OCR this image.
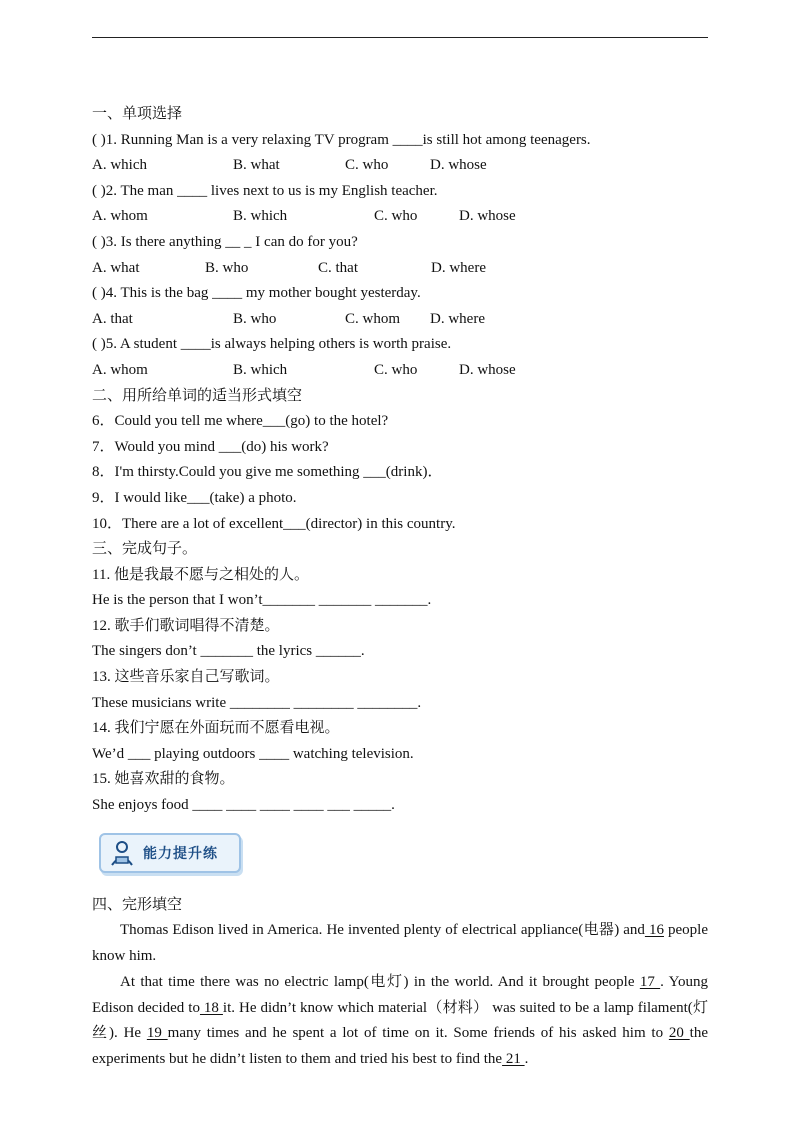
一、单项选择
( )1. Running Man is a very relaxing TV program ____is still hot among teenagers.
A. which	B. what	C. who	D. whose
( )2. The man ____ lives next to us is my English teacher.
A. whom	B. which	C. who	D. whose
( )3. Is there anything __ _ I can do for you?
A. what	B. who	C. that	D. where
( )4. This is the bag ____ my mother bought yesterday.
A. that	B. who	C. whom	D. where
( )5. A student ____is always helping others is worth praise.
A. whom	B. which	C. who	D. whose
二、用所给单词的适当形式填空
6．Could you tell me where___(go) to the hotel?
7．Would you mind ___(do) his work?
8．I'm thirsty.Could you give me something ___(drink)．
9．I would like___(take) a photo.
10．There are a lot of excellent___(director) in this country.
三、完成句子。
11. 他是我最不愿与之相处的人。
He is the person that I won’t_______ _______ _______.
12. 歌手们歌词唱得不清楚。
The singers don’t _______ the lyrics ______.
13. 这些音乐家自己写歌词。
These musicians write ________ ________ ________.
14. 我们宁愿在外面玩而不愿看电视。
We’d ___ playing outdoors ____ watching television.
15. 她喜欢甜的食物。
She enjoys food ____ ____ ____ ____ ___ _____.
能力提升练
四、完形填空
Thomas Edison lived in America. He invented plenty of electrical appliance(电器) and 16 people know him.
At that time there was no electric lamp(电灯) in the world. And it brought people 17 . Young Edison decided to 18 it. He didn’t know which material（材料） was suited to be a lamp filament(灯丝). He 19 many times and he spent a lot of time on it. Some friends of his asked him to 20 the experiments but he didn’t listen to them and tried his best to find the 21 .
